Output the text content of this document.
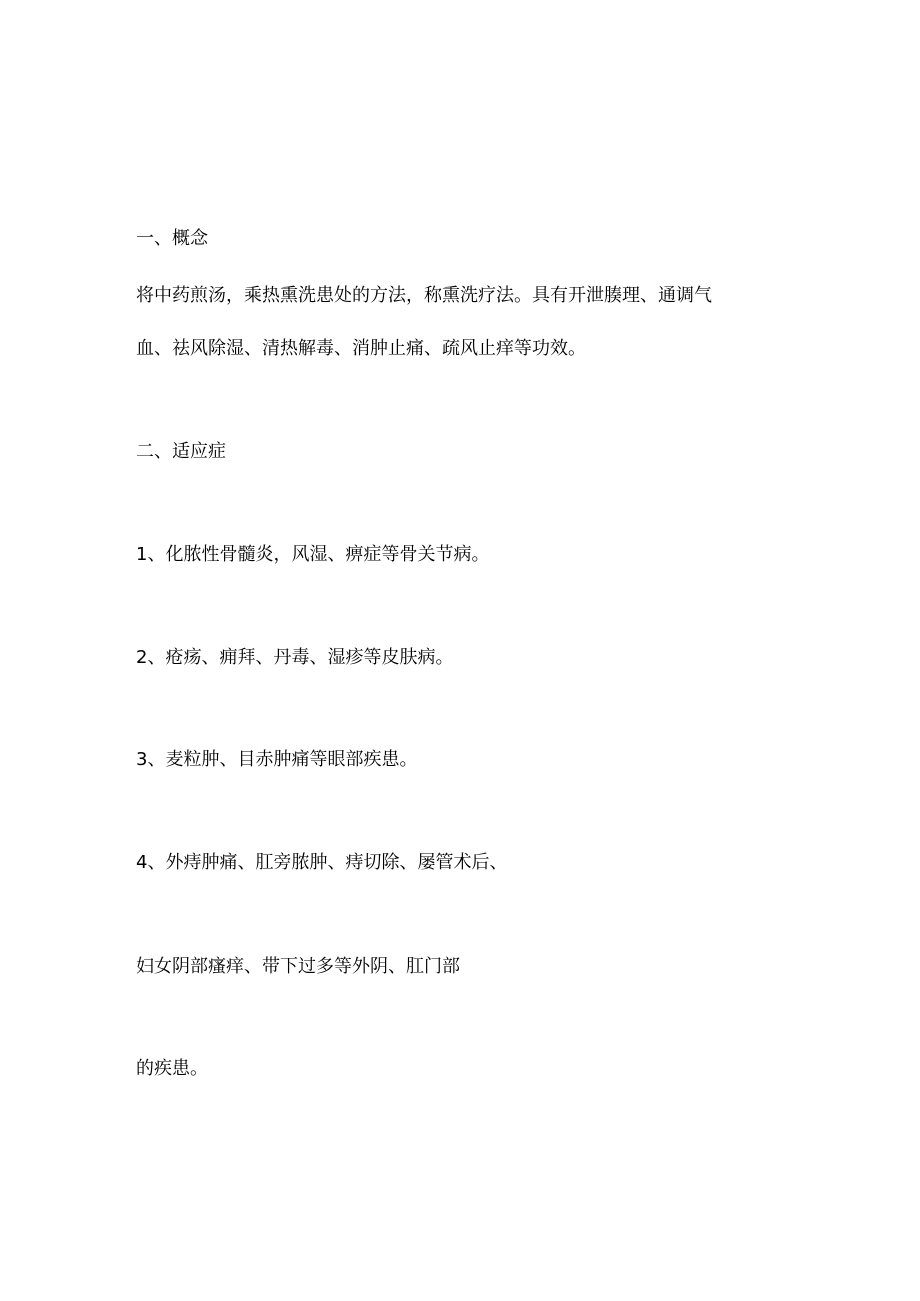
一、概念

将中药煎汤，乘热熏洗患处的方法，称熏洗疗法。具有开泄腠理、通调气

血、祛风除湿、清热解毒、消肿止痛、疏风止痒等功效。

二、适应症

1、化脓性骨髓炎，风湿、痹症等骨关节病。

2、疮疡、痈拜、丹毒、湿疹等皮肤病。

3、麦粒肿、目赤肿痛等眼部疾患。

4、外痔肿痛、肛旁脓肿、痔切除、屡管术后、

妇女阴部瘙痒、带下过多等外阴、肛门部

的疾患。
